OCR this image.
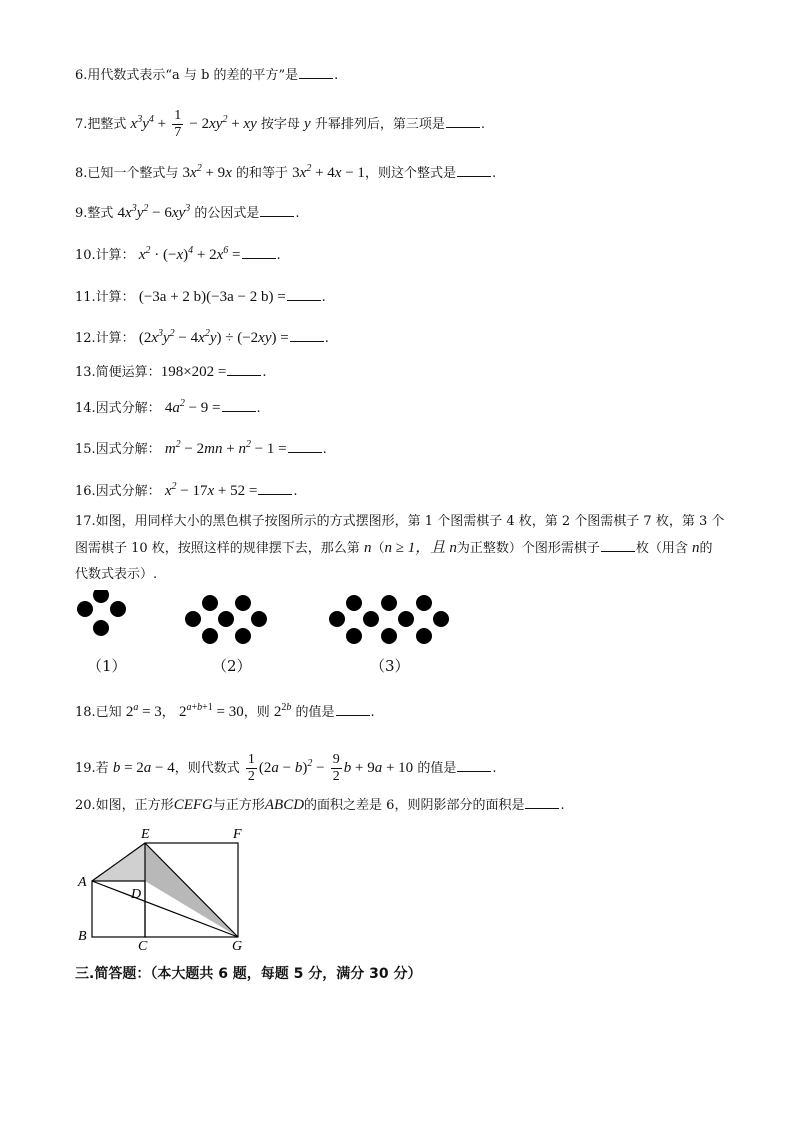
6.用代数式表示“a 与 b 的差的平方”是	.
7.把整式 $x^3y^4 + \frac{1}{7} - 2xy^2$ + xy 按字母 y 升幂排列后，第三项是	.
8.已知一个整式与 $3x^2 + 9x$ 的和等于 $3x^2 + 4x - 1$，则这个整式是	.
9.整式 $4x^3y^2 - 6xy^3$ 的公因式是	.
10.计算： $x^2 \cdot (-x)^4 + 2x^6$ =	.
11.计算： (−3a + 2 b)(−3a − 2 b) =	.
12.计算： $(2x^3y^2 - 4x^2y) \div (-2xy)$ =	.
13.简便运算：198×202 =	.
14.因式分解： $4a^2 - 9$ =	.
15.因式分解： $m^2 - 2mn + n^2 - 1$ =	.
16.因式分解： $x^2 - 17x + 52$ =	.
17.如图，用同样大小的黑色棋子按图所示的方式摆图形，第 1 个图需棋子 4 枚，第 2 个图需棋子 7 枚，第 3 个图需棋子 10 枚，按照这样的规律摆下去，那么第 n（n ≥ 1，且 n为正整数）个图形需棋子	枚（用含 n的代数式表示）.
（1）	（2）	（3）
18.已知 $2^a = 3$， $2^{a+b+1} = 30$，则 $2^{2b}$ 的值是	.
19.若 b = 2a − 4，则代数式 $\frac{1}{2} (2a - b)^2 - \frac{9}{2}$ b + 9a + 10 的值是	.
20.如图，正方形CEFG与正方形ABCD的面积之差是 6，则阴影部分的面积是	.
E	F
A
D
B
C	G
三.简答题：（本大题共 6 题，每题 5 分，满分 30 分）
